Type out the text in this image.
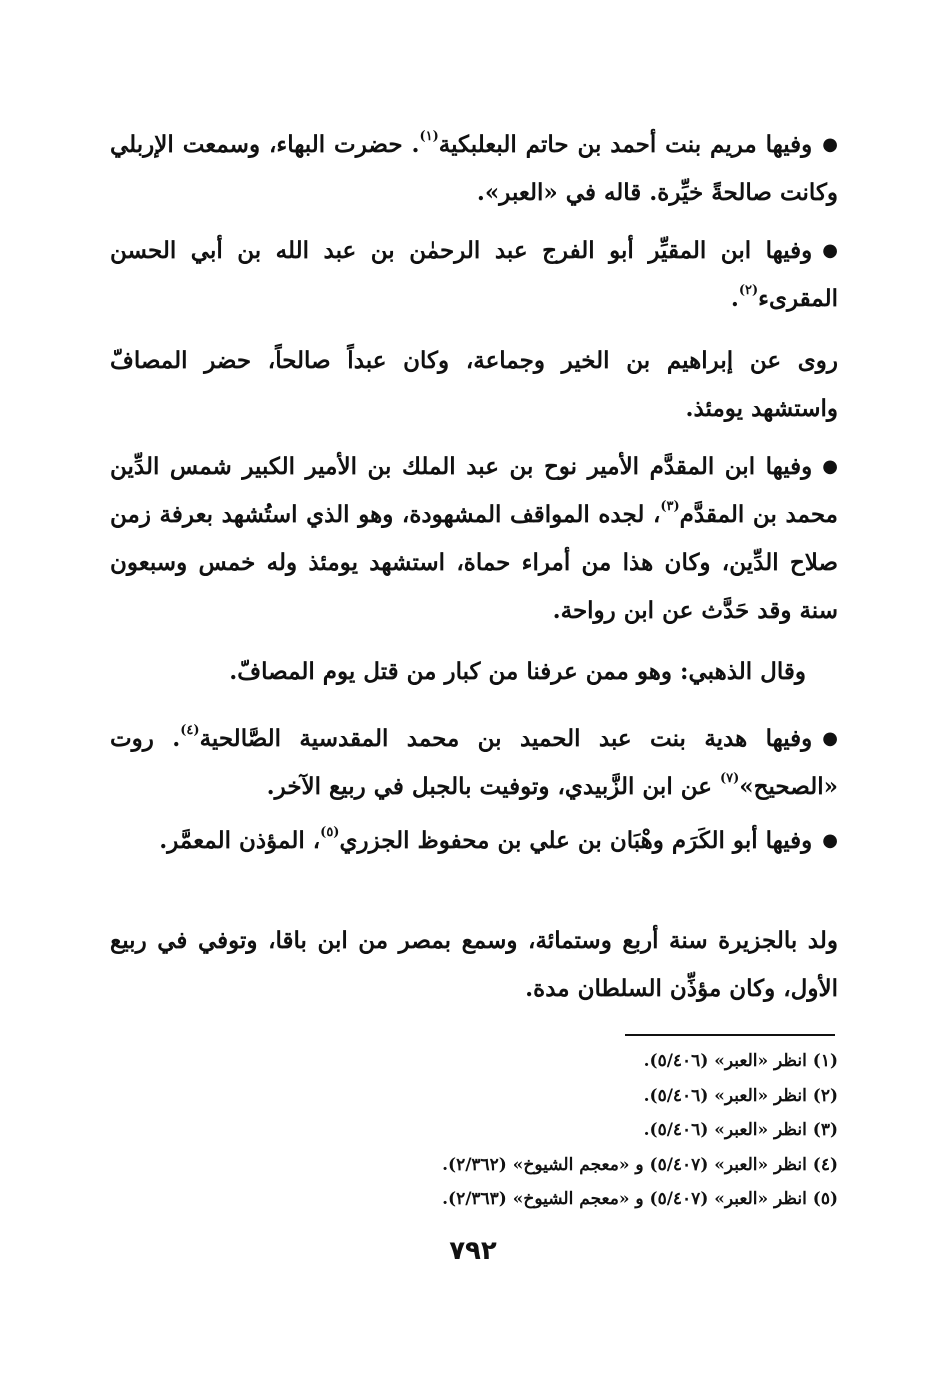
●وفيها مريم بنت أحمد بن حاتم البعلبكية$^{(١)}$. حضرت البهاء، وسمعت الإربلي وكانت صالحةً خيِّرة. قاله في «العبر».
●وفيها ابن المقيِّر أبو الفرج عبد الرحمٰن بن عبد الله بن أبي الحسن المقرىء$^{(٢)}$.
روى عن إبراهيم بن الخير وجماعة، وكان عبداً صالحاً، حضر المصافّ واستشهد يومئذ.
●وفيها ابن المقدَّم الأمير نوح بن عبد الملك بن الأمير الكبير شمس الدِّين محمد بن المقدَّم$^{(٣)}$، لجده المواقف المشهودة، وهو الذي استُشهد بعرفة زمن صلاح الدِّين، وكان هذا من أمراء حماة، استشهد يومئذ وله خمس وسبعون سنة وقد حَدَّث عن ابن رواحة.
وقال الذهبي: وهو ممن عرفنا من كبار من قتل يوم المصافّ.
●وفيها هدية بنت عبد الحميد بن محمد المقدسية الصَّالحية$^{(٤)}$. روت «الصحيح»$^{(٧)}$ عن ابن الزَّبيدي، وتوفيت بالجبل في ربيع الآخر.
●وفيها أبو الكَرَم وهْبَان بن علي بن محفوظ الجزري$^{(٥)}$، المؤذن المعمَّر.
ولد بالجزيرة سنة أربع وستمائة، وسمع بمصر من ابن باقا، وتوفي في ربيع الأول، وكان مؤذِّن السلطان مدة.
(١) انظر «العبر» (٥/٤٠٦).
(٢) انظر «العبر» (٥/٤٠٦).
(٣) انظر «العبر» (٥/٤٠٦).
(٤) انظر «العبر» (٥/٤٠٧) و «معجم الشيوخ» (٢/٣٦٢).
(٥) انظر «العبر» (٥/٤٠٧) و «معجم الشيوخ» (٢/٣٦٣).
٧٩٢
